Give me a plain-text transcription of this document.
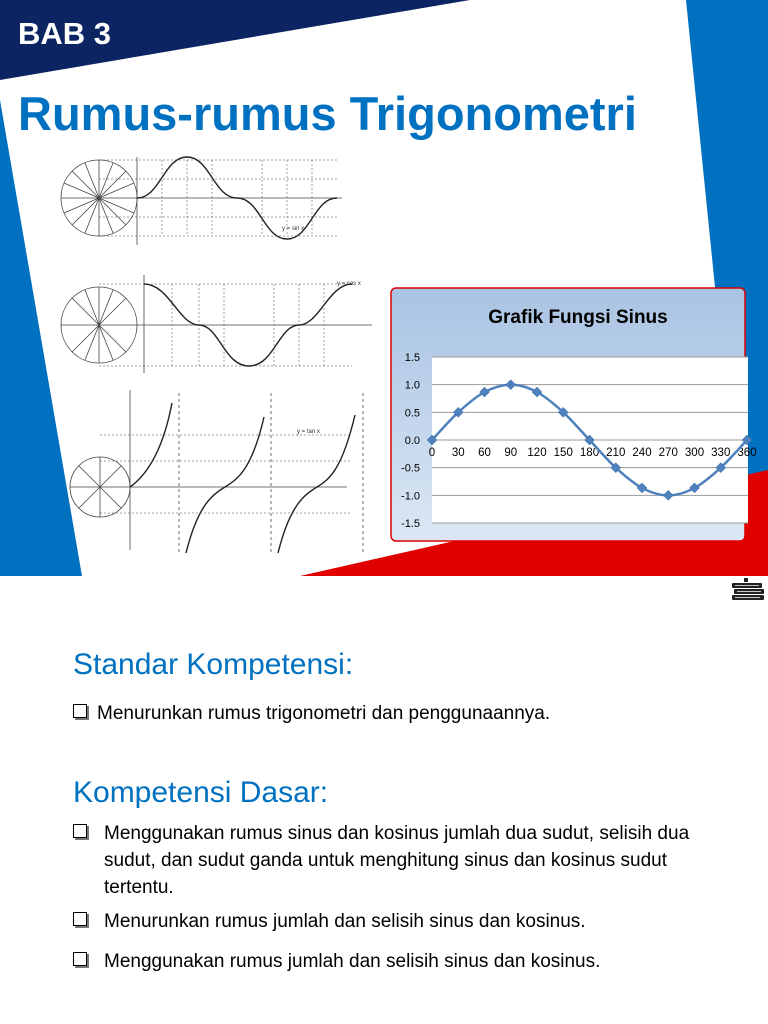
BAB 3
Rumus-rumus Trigonometri
y = sin x
y = cos x
y = tan x
Grafik Fungsi Sinus
1.5
1.0
0.5
0.0
-0.5
-1.0
-1.5
0 30 60 90 120 150 180 210 240 270 300 330 360
Standar Kompetensi:
Menurunkan rumus trigonometri dan penggunaannya.
Kompetensi Dasar:
Menggunakan rumus sinus dan kosinus jumlah dua sudut, selisih dua sudut, dan sudut ganda untuk menghitung sinus dan kosinus sudut tertentu.
Menurunkan rumus jumlah dan selisih sinus dan kosinus.
Menggunakan rumus jumlah dan selisih sinus dan kosinus.
